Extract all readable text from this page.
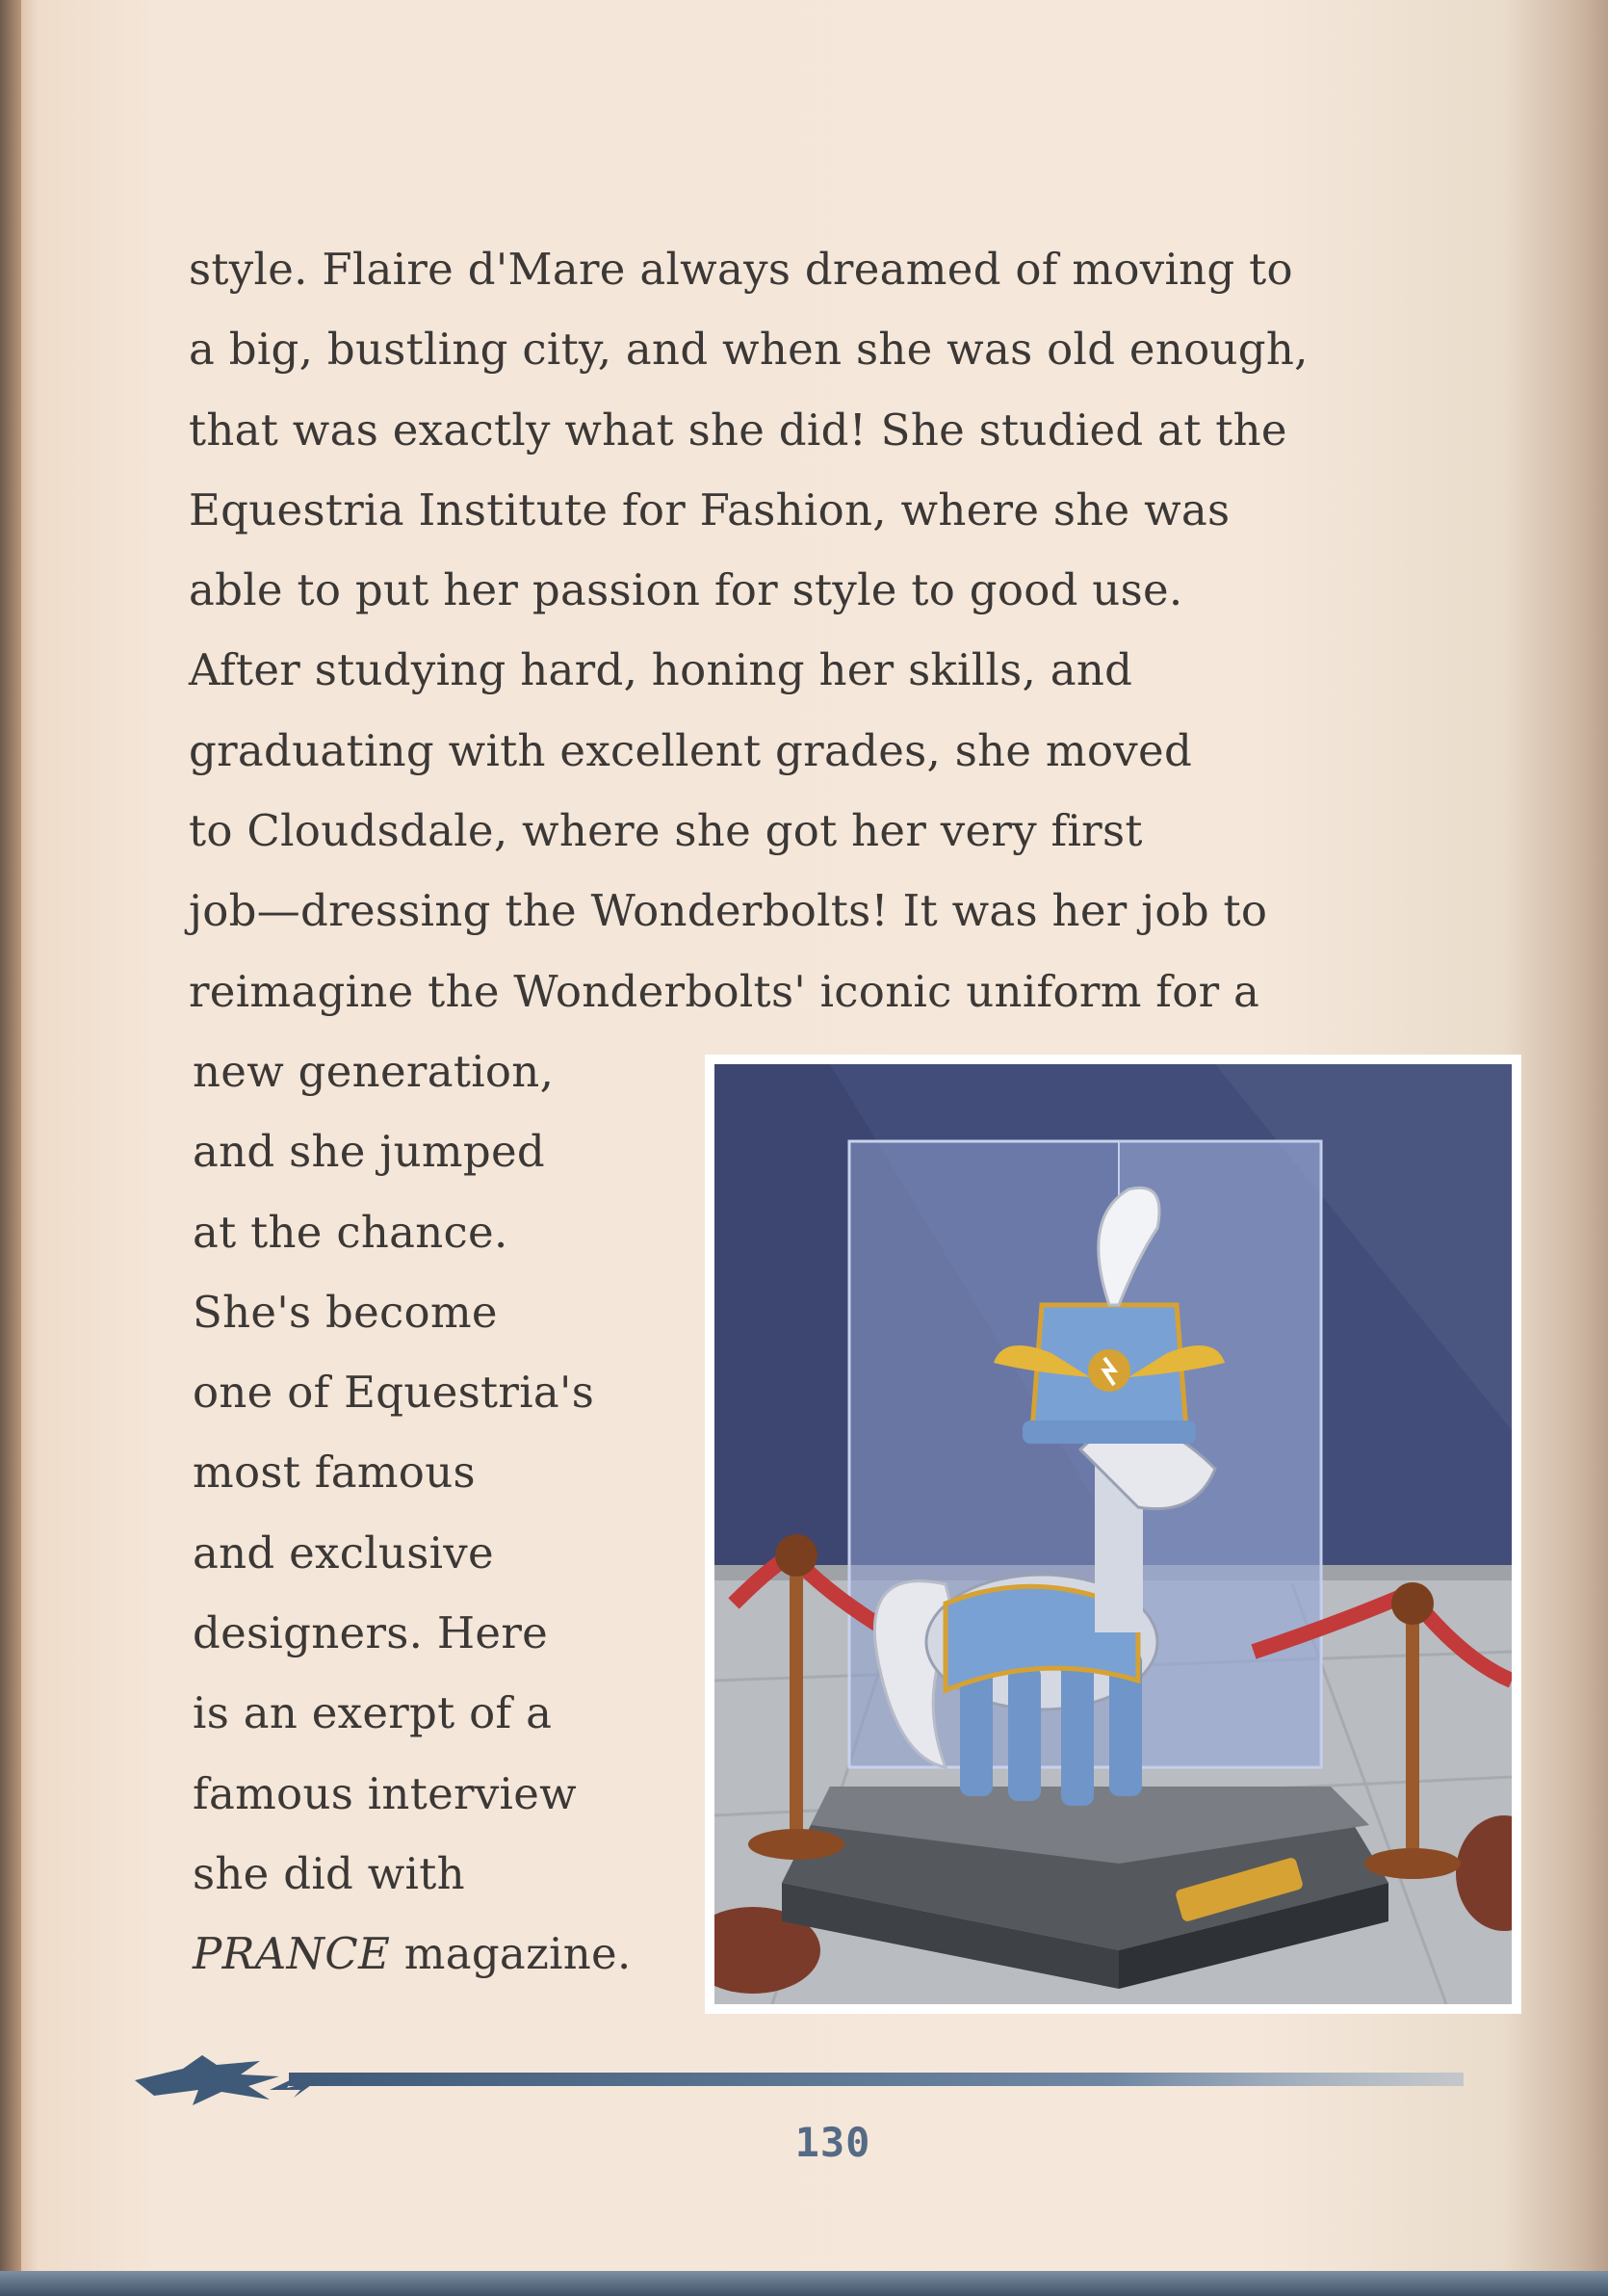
style. Flaire d'Mare always dreamed of moving to
a big, bustling city, and when she was old enough,
that was exactly what she did! She studied at the
Equestria Institute for Fashion, where she was
able to put her passion for style to good use.
After studying hard, honing her skills, and
graduating with excellent grades, she moved
to Cloudsdale, where she got her very first
job—dressing the Wonderbolts! It was her job to
reimagine the Wonderbolts' iconic uniform for a
new generation,
and she jumped
at the chance.
She's become
one of Equestria's
most famous
and exclusive
designers. Here
is an exerpt of a
famous interview
she did with
PRANCE magazine.
130
